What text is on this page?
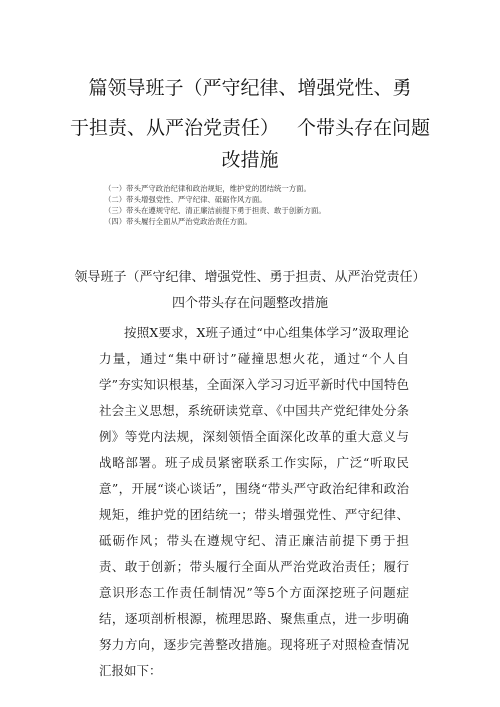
篇领导班子（严守纪律、增强党性、勇
于担责、从严治党责任）   个带头存在问题
改措施
（一）带头严守政治纪律和政治规矩，维护党的团结统一方面。
（二）带头增强党性、严守纪律、砥砺作风方面。
（三）带头在遵规守纪、清正廉洁前提下勇于担责、敢于创新方面。
（四）带头履行全面从严治党政治责任方面。
领导班子（严守纪律、增强党性、勇于担责、从严治党责任）
四个带头存在问题整改措施

按照X要求，X班子通过“中心组集体学习”汲取理论力量，通过“集中研讨”碰撞思想火花，通过“个人自学”夯实知识根基，全面深入学习习近平新时代中国特色社会主义思想，系统研读党章、《中国共产党纪律处分条例》等党内法规，深刻领悟全面深化改革的重大意义与战略部署。班子成员紧密联系工作实际，广泛“听取民意”，开展“谈心谈话”，围绕“带头严守政治纪律和政治规矩，维护党的团结统一；带头增强党性、严守纪律、砥砺作风；带头在遵规守纪、清正廉洁前提下勇于担责、敢于创新；带头履行全面从严治党政治责任；履行意识形态工作责任制情况”等5个方面深挖班子问题症结，逐项剖析根源，梳理思路、聚焦重点，进一步明确努力方向，逐步完善整改措施。现将班子对照检查情况汇报如下：
